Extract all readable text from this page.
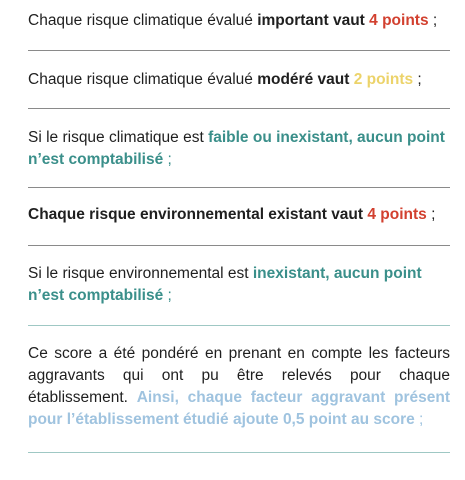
Chaque risque climatique évalué important vaut 4 points ;
Chaque risque climatique évalué modéré vaut 2 points ;
Si le risque climatique est faible ou inexistant, aucun point n’est comptabilisé ;
Chaque risque environnemental existant vaut 4 points ;
Si le risque environnemental est inexistant, aucun point n’est comptabilisé ;
Ce score a été pondéré en prenant en compte les facteurs aggravants qui ont pu être relevés pour chaque établissement. Ainsi, chaque facteur aggravant présent pour l’établissement étudié ajoute 0,5 point au score ;
